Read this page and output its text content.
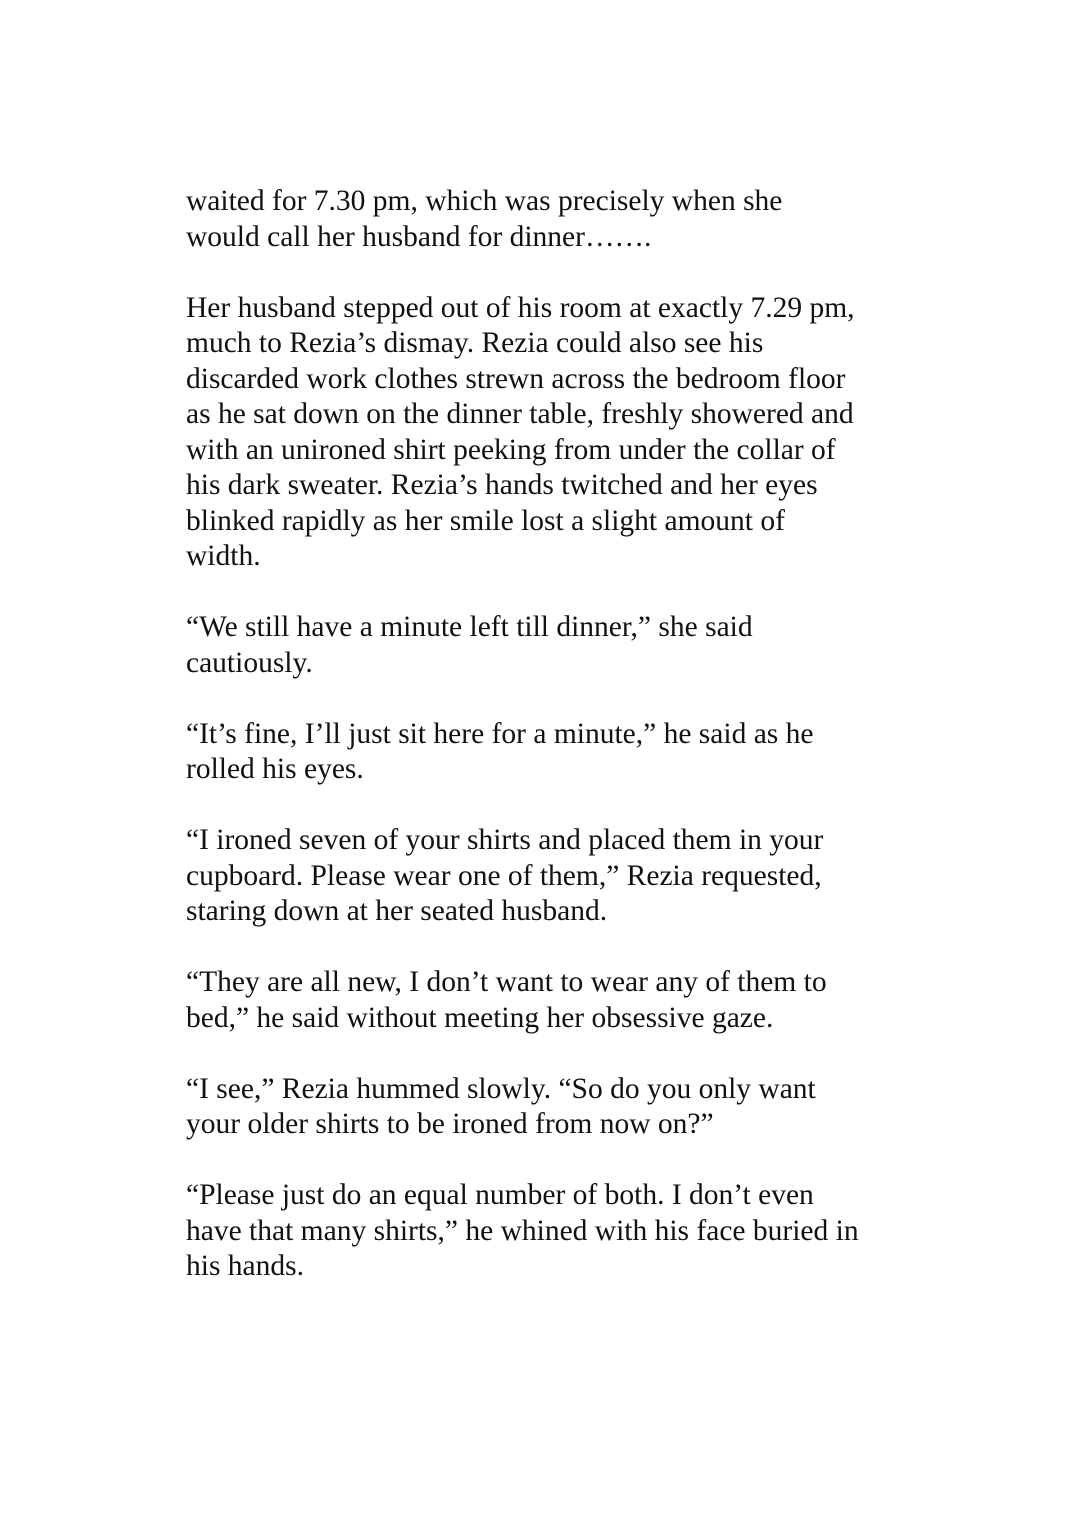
waited for 7.30 pm, which was precisely when she
would call her husband for dinner…….

Her husband stepped out of his room at exactly 7.29 pm,
much to Rezia’s dismay. Rezia could also see his
discarded work clothes strewn across the bedroom floor
as he sat down on the dinner table, freshly showered and
with an unironed shirt peeking from under the collar of
his dark sweater. Rezia’s hands twitched and her eyes
blinked rapidly as her smile lost a slight amount of
width.

“We still have a minute left till dinner,” she said
cautiously.

“It’s fine, I’ll just sit here for a minute,” he said as he
rolled his eyes.

“I ironed seven of your shirts and placed them in your
cupboard. Please wear one of them,” Rezia requested,
staring down at her seated husband.

“They are all new, I don’t want to wear any of them to
bed,” he said without meeting her obsessive gaze.

“I see,” Rezia hummed slowly. “So do you only want
your older shirts to be ironed from now on?”

“Please just do an equal number of both. I don’t even
have that many shirts,” he whined with his face buried in
his hands.
